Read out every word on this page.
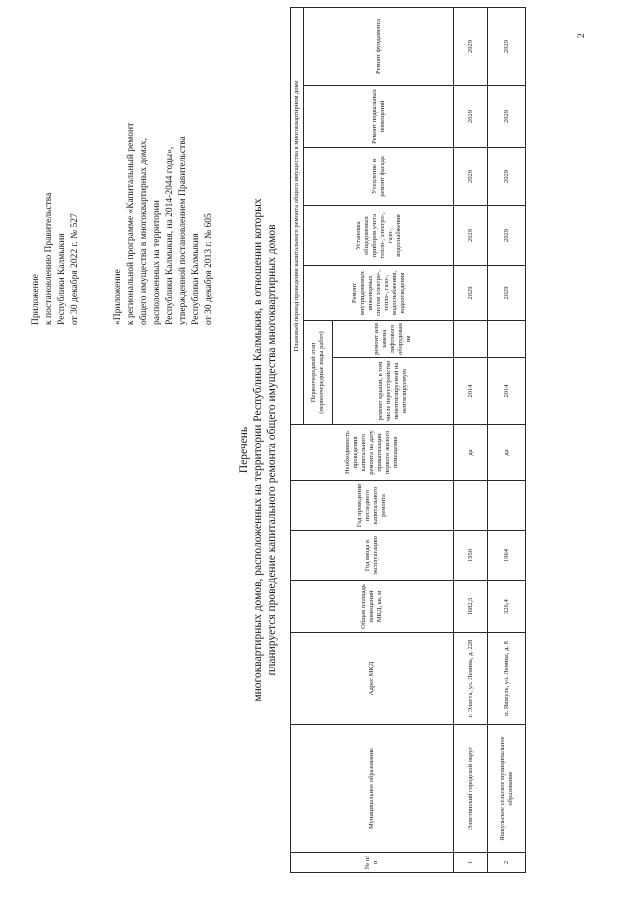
Приложение к постановлению Правительства Республики Калмыкия от 30 декабря 2022 г. № 527	«Приложение к региональной программе «Капитальный ремонт общего имущества в многоквартирных домах, расположенных на территории Республики Калмыкия, на 2014-2044 годы», утвержденной постановлением Правительства Республики Калмыкия от 30 декабря 2013 г. № 605
Перечень многоквартирных домов, расположенных на территории Республики Калмыкия, в отношении которых планируется проведение капитального ремонта общего имущества многоквартирных домов
№ п/п	Муниципальное образование	Адрес МКД	Общая площадь помещений МКД, кв. м	Год ввода в эксплуатацию	Год проведения последнего капитального ремонта	Необходимость проведения капитального ремонта на дату приватизации первого жилого помещения	Плановый период проведения капитального ремонта общего имущества в многоквартирном доме						

							Первоочередной этап (первоочередные виды работ)		Ремонт внутридомовых инженерных систем электро-, тепло-, газо-, водоснабжения, водоотведения	Установка общедомовых приборов учета тепло-, электро-, газо-, водоснабжения	Утепление и ремонт фасада	Ремонт подвальных помещений	Ремонт фундамента

							ремонт крыши, в том числе переустройство невентилируемой на вентилируемую	ремонт или замена лифтового оборудования					

1	Элистинский городской округ	г. Элиста, ул. Ленина, д. 228	1682,5	1950		да	2014		2029	2029	2029	2029	2029
2	Яшкульское сельское муниципальное образование	п. Яшкуль, ул. Ленина, д. 8	326,4	1964		да	2014		2029	2029	2029	2029	2029
2
